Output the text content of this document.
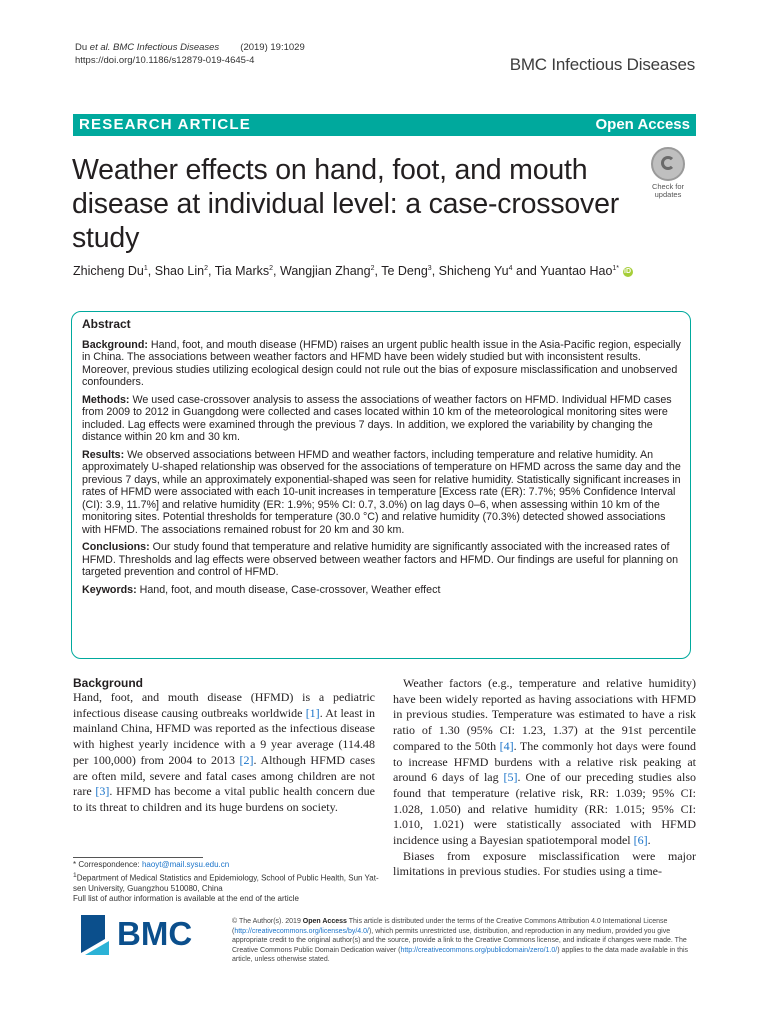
Du et al. BMC Infectious Diseases (2019) 19:1029
https://doi.org/10.1186/s12879-019-4645-4	BMC Infectious Diseases
RESEARCH ARTICLE	Open Access
Weather effects on hand, foot, and mouth disease at individual level: a case-crossover study
Check for
updates
Zhicheng Du$^1$, Shao Lin$^2$, Tia Marks$^2$, Wangjian Zhang$^2$, Te Deng$^3$, Shicheng Yu$^4$ and Yuantao Hao$^{1*}$ iD
Abstract

Background: Hand, foot, and mouth disease (HFMD) raises an urgent public health issue in the Asia-Pacific region, especially in China. The associations between weather factors and HFMD have been widely studied but with inconsistent results. Moreover, previous studies utilizing ecological design could not rule out the bias of exposure misclassification and unobserved confounders.

Methods: We used case-crossover analysis to assess the associations of weather factors on HFMD. Individual HFMD cases from 2009 to 2012 in Guangdong were collected and cases located within 10 km of the meteorological monitoring sites were included. Lag effects were examined through the previous 7 days. In addition, we explored the variability by changing the distance within 20 km and 30 km.

Results: We observed associations between HFMD and weather factors, including temperature and relative humidity. An approximately U-shaped relationship was observed for the associations of temperature on HFMD across the same day and the previous 7 days, while an approximately exponential-shaped was seen for relative humidity. Statistically significant increases in rates of HFMD were associated with each 10-unit increases in temperature [Excess rate (ER): 7.7%; 95% Confidence Interval (CI): 3.9, 11.7%] and relative humidity (ER: 1.9%; 95% CI: 0.7, 3.0%) on lag days 0–6, when assessing within 10 km of the monitoring sites. Potential thresholds for temperature (30.0 °C) and relative humidity (70.3%) detected showed associations with HFMD. The associations remained robust for 20 km and 30 km.

Conclusions: Our study found that temperature and relative humidity are significantly associated with the increased rates of HFMD. Thresholds and lag effects were observed between weather factors and HFMD. Our findings are useful for planning on targeted prevention and control of HFMD.

Keywords: Hand, foot, and mouth disease, Case-crossover, Weather effect

Background

Hand, foot, and mouth disease (HFMD) is a pediatric infectious disease causing outbreaks worldwide [1]. At least in mainland China, HFMD was reported as the infectious disease with highest yearly incidence with a 9 year average (114.48 per 100,000) from 2004 to 2013 [2]. Although HFMD cases are often mild, severe and fatal cases among children are not rare [3]. HFMD has become a vital public health concern due to its threat to children and its huge burdens on society.

Weather factors (e.g., temperature and relative humidity) have been widely reported as having associations with HFMD in previous studies. Temperature was estimated to have a risk ratio of 1.30 (95% CI: 1.23, 1.37) at the 91st percentile compared to the 50th [4]. The commonly hot days were found to increase HFMD burdens with a relative risk peaking at around 6 days of lag [5]. One of our preceding studies also found that temperature (relative risk, RR: 1.039; 95% CI: 1.028, 1.050) and relative humidity (RR: 1.015; 95% CI: 1.010, 1.021) were statistically associated with HFMD incidence using a Bayesian spatiotemporal model [6].

Biases from exposure misclassification were major limitations in previous studies. For studies using a time-

* Correspondence: haoyt@mail.sysu.edu.cn
$^1$Department of Medical Statistics and Epidemiology, School of Public Health, Sun Yat-sen University, Guangzhou 510080, China
Full list of author information is available at the end of the article
BMC	© The Author(s). 2019 Open Access This article is distributed under the terms of the Creative Commons Attribution 4.0 International License (http://creativecommons.org/licenses/by/4.0/), which permits unrestricted use, distribution, and reproduction in any medium, provided you give appropriate credit to the original author(s) and the source, provide a link to the Creative Commons license, and indicate if changes were made. The Creative Commons Public Domain Dedication waiver (http://creativecommons.org/publicdomain/zero/1.0/) applies to the data made available in this article, unless otherwise stated.
